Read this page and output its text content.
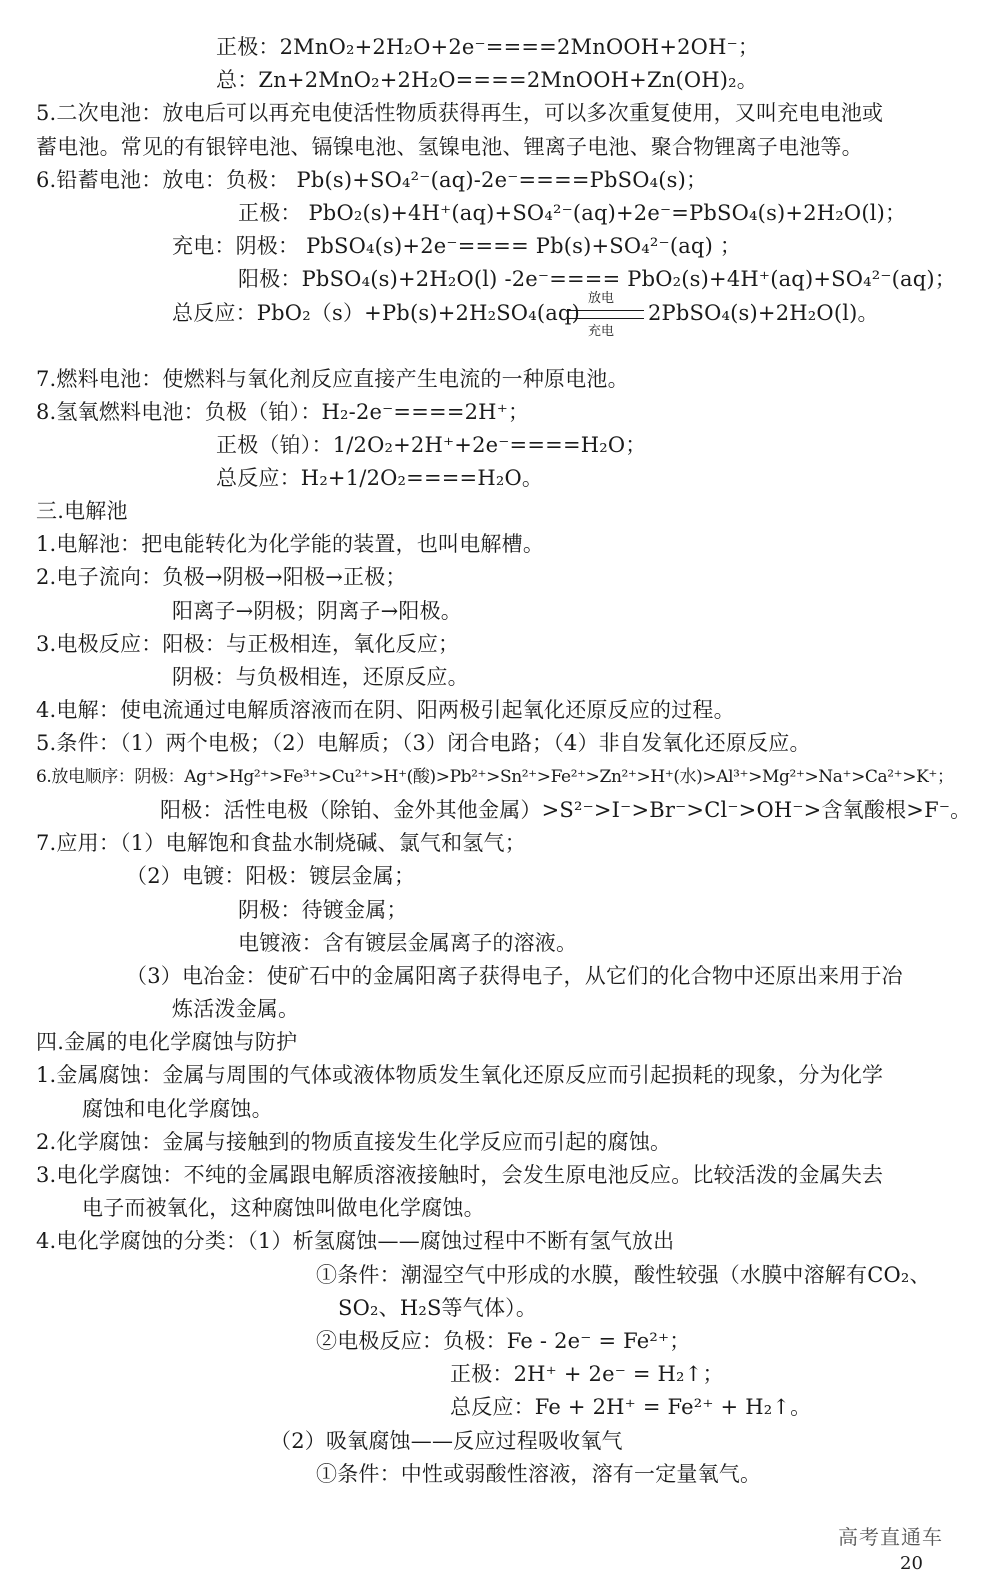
正极：2MnO₂+2H₂O+2e⁻====2MnOOH+2OH⁻；
总：Zn+2MnO₂+2H₂O====2MnOOH+Zn(OH)₂。
5.二次电池：放电后可以再充电使活性物质获得再生，可以多次重复使用，又叫充电电池或
蓄电池。常见的有银锌电池、镉镍电池、氢镍电池、锂离子电池、聚合物锂离子电池等。
6.铅蓄电池：放电：负极： Pb(s)+SO₄²⁻(aq)-2e⁻====PbSO₄(s)；
正极： PbO₂(s)+4H⁺(aq)+SO₄²⁻(aq)+2e⁻=PbSO₄(s)+2H₂O(l)；
充电：阴极： PbSO₄(s)+2e⁻==== Pb(s)+SO₄²⁻(aq) ；
阳极：PbSO₄(s)+2H₂O(l) -2e⁻==== PbO₂(s)+4H⁺(aq)+SO₄²⁻(aq)；
总反应：PbO₂（s）+Pb(s)+2H₂SO₄(aq)
放电
充电
2PbSO₄(s)+2H₂O(l)。
7.燃料电池：使燃料与氧化剂反应直接产生电流的一种原电池。
8.氢氧燃料电池：负极（铂）：H₂-2e⁻====2H⁺；
正极（铂）：1/2O₂+2H⁺+2e⁻====H₂O；
总反应：H₂+1/2O₂====H₂O。
三.电解池
1.电解池：把电能转化为化学能的装置，也叫电解槽。
2.电子流向：负极→阴极→阳极→正极；
阳离子→阴极；阴离子→阳极。
3.电极反应：阳极：与正极相连，氧化反应；
阴极：与负极相连，还原反应。
4.电解：使电流通过电解质溶液而在阴、阳两极引起氧化还原反应的过程。
5.条件：（1）两个电极；（2）电解质；（3）闭合电路；（4）非自发氧化还原反应。
6.放电顺序：阴极：Ag⁺>Hg²⁺>Fe³⁺>Cu²⁺>H⁺(酸)>Pb²⁺>Sn²⁺>Fe²⁺>Zn²⁺>H⁺(水)>Al³⁺>Mg²⁺>Na⁺>Ca²⁺>K⁺；
阳极：活性电极（除铂、金外其他金属）>S²⁻>I⁻>Br⁻>Cl⁻>OH⁻>含氧酸根>F⁻。
7.应用：（1）电解饱和食盐水制烧碱、氯气和氢气；
（2）电镀：阳极：镀层金属；
阴极：待镀金属；
电镀液：含有镀层金属离子的溶液。
（3）电冶金：使矿石中的金属阳离子获得电子，从它们的化合物中还原出来用于冶
炼活泼金属。
四.金属的电化学腐蚀与防护
1.金属腐蚀：金属与周围的气体或液体物质发生氧化还原反应而引起损耗的现象，分为化学
腐蚀和电化学腐蚀。
2.化学腐蚀：金属与接触到的物质直接发生化学反应而引起的腐蚀。
3.电化学腐蚀：不纯的金属跟电解质溶液接触时，会发生原电池反应。比较活泼的金属失去
电子而被氧化，这种腐蚀叫做电化学腐蚀。
4.电化学腐蚀的分类：（1）析氢腐蚀——腐蚀过程中不断有氢气放出
①条件：潮湿空气中形成的水膜，酸性较强（水膜中溶解有CO₂、
SO₂、H₂S等气体）。
②电极反应：负极：Fe - 2e⁻ = Fe²⁺；
正极：2H⁺ + 2e⁻ = H₂↑；
总反应：Fe + 2H⁺ = Fe²⁺ + H₂↑。
（2）吸氧腐蚀——反应过程吸收氧气
①条件：中性或弱酸性溶液，溶有一定量氧气。
高考直通车
20
